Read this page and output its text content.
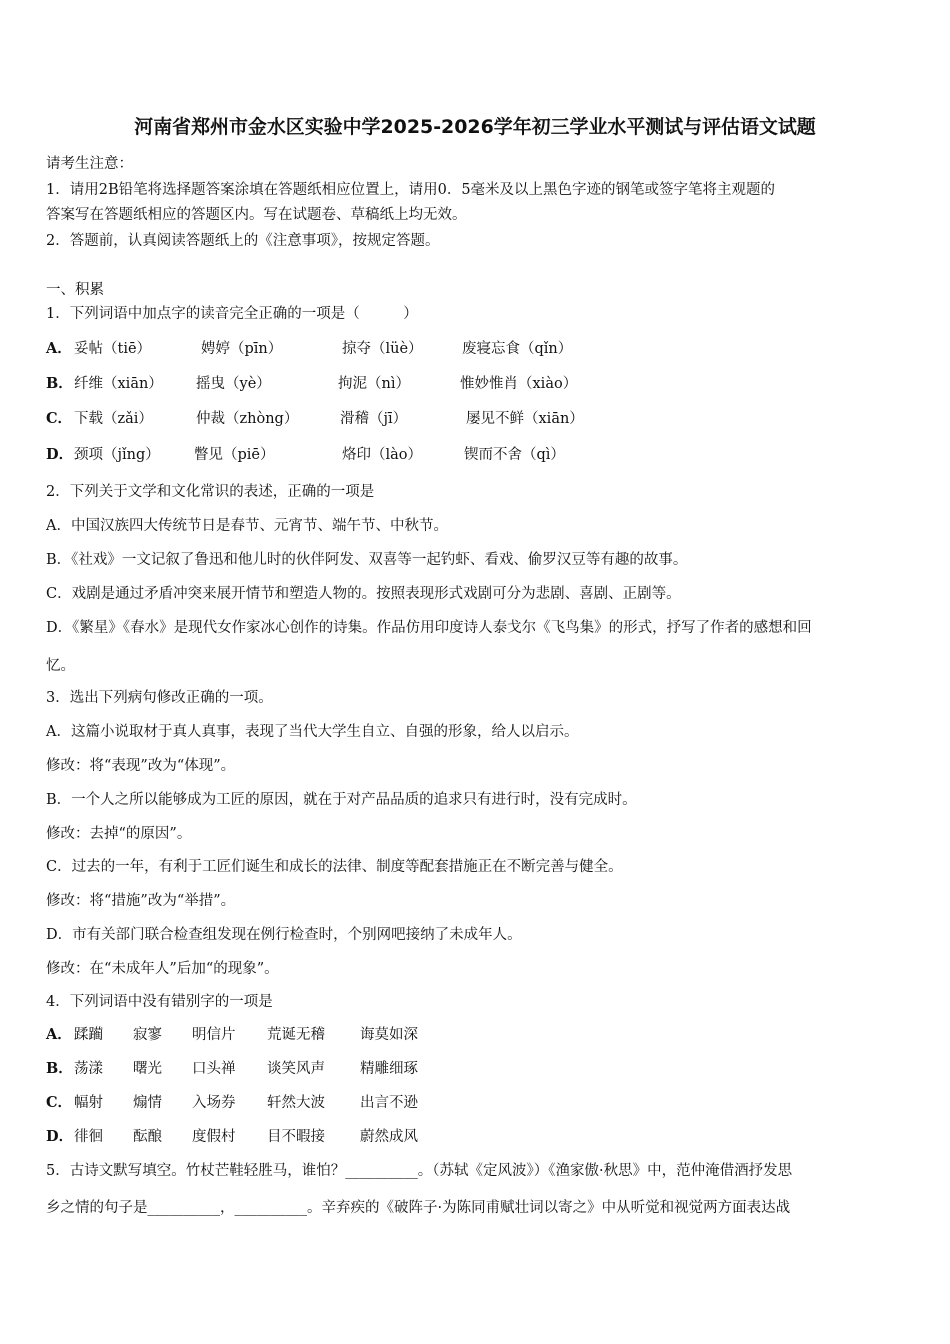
河南省郑州市金水区实验中学2025-2026学年初三学业水平测试与评估语文试题
请考生注意：
1．请用2B铅笔将选择题答案涂填在答题纸相应位置上，请用0．5毫米及以上黑色字迹的钢笔或签字笔将主观题的
答案写在答题纸相应的答题区内。写在试题卷、草稿纸上均无效。
2．答题前，认真阅读答题纸上的《注意事项》，按规定答题。
一、积累
1．下列词语中加点字的读音完全正确的一项是（　　　）
A． 妥帖（tiē）	娉婷（pīn）	掠夺（lüè）	废寝忘食（qǐn）
B． 纤维（xiān） 摇曳（yè）	拘泥（nì）	惟妙惟肖（xiào）
C． 下载（zǎi）	仲裁（zhòng）	滑稽（jī）	屡见不鲜（xiān）
D． 颈项（jǐng） 瞥见（piē）	烙印（lào）	锲而不舍（qì）
2．下列关于文学和文化常识的表述，正确的一项是
A．中国汉族四大传统节日是春节、元宵节、端午节、中秋节。
B．《社戏》一文记叙了鲁迅和他儿时的伙伴阿发、双喜等一起钓虾、看戏、偷罗汉豆等有趣的故事。
C．戏剧是通过矛盾冲突来展开情节和塑造人物的。按照表现形式戏剧可分为悲剧、喜剧、正剧等。
D．《繁星》《春水》是现代女作家冰心创作的诗集。作品仿用印度诗人泰戈尔《飞鸟集》的形式，抒写了作者的感想和回
忆。
3．选出下列病句修改正确的一项。
A．这篇小说取材于真人真事，表现了当代大学生自立、自强的形象，给人以启示。
修改：将“表现”改为“体现”。
B．一个人之所以能够成为工匠的原因，就在于对产品品质的追求只有进行时，没有完成时。
修改：去掉“的原因”。
C．过去的一年，有利于工匠们诞生和成长的法律、制度等配套措施正在不断完善与健全。
修改：将“措施”改为“举措”。
D．市有关部门联合检查组发现在例行检查时，个别网吧接纳了未成年人。
修改：在“未成年人”后加“的现象”。
4．下列词语中没有错别字的一项是
A． 蹂躏 寂寥 明信片 荒诞无稽 诲莫如深
B． 荡漾 曙光 口头禅 谈笑风声 精雕细琢
C． 幅射 煽情 入场券 轩然大波 出言不逊
D． 徘徊 酝酿 度假村 目不暇接 蔚然成风
5．古诗文默写填空。竹杖芒鞋轻胜马，谁怕？__________。（苏轼《定风波》）《渔家傲·秋思》中，范仲淹借酒抒发思
乡之情的句子是__________，__________。辛弃疾的《破阵子·为陈同甫赋壮词以寄之》中从听觉和视觉两方面表达战
